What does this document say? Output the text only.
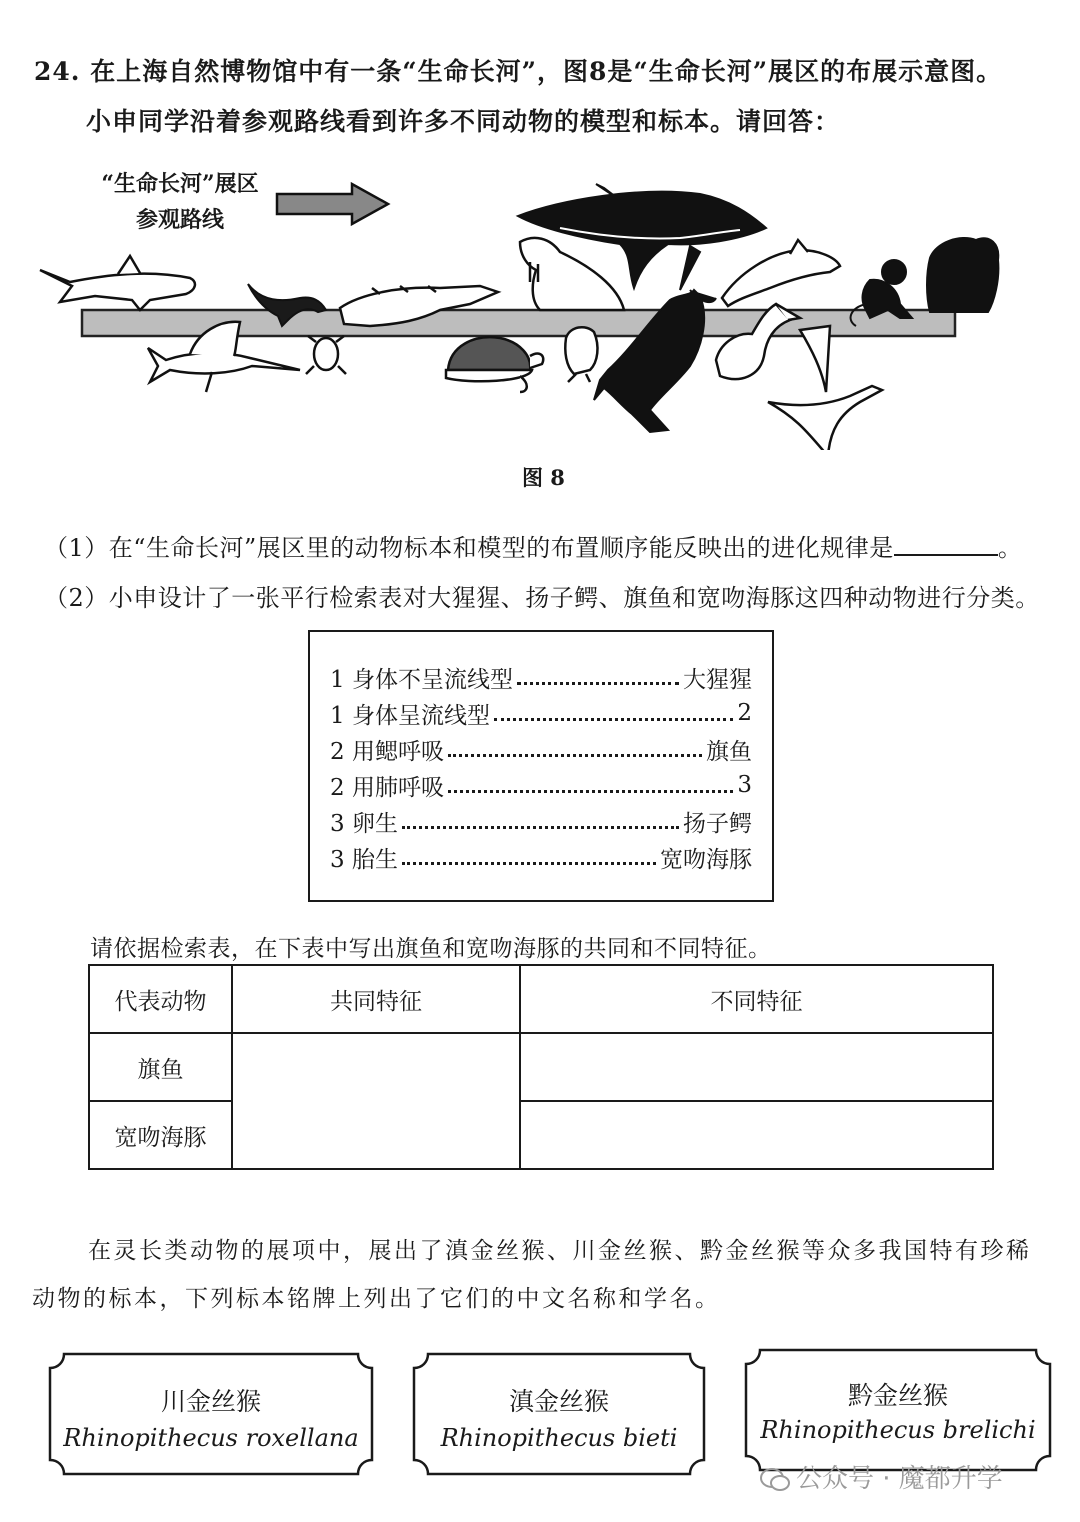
24. 在上海自然博物馆中有一条“生命长河”，图8是“生命长河”展区的布展示意图。
小申同学沿着参观路线看到许多不同动物的模型和标本。请回答：
“生命长河”展区
参观路线
图 8
（1）在“生命长河”展区里的动物标本和模型的布置顺序能反映出的进化规律是	。
（2）小申设计了一张平行检索表对大猩猩、扬子鳄、旗鱼和宽吻海豚这四种动物进行分类。
1 身体不呈流线型	大猩猩
1 身体呈流线型	2
2 用鳃呼吸	旗鱼
2 用肺呼吸	3
3 卵生	扬子鳄
3 胎生	宽吻海豚
请依据检索表，在下表中写出旗鱼和宽吻海豚的共同和不同特征。
代表动物	共同特征	不同特征
旗鱼		
宽吻海豚		
在灵长类动物的展项中，展出了滇金丝猴、川金丝猴、黔金丝猴等众多我国特有珍稀
动物的标本，下列标本铭牌上列出了它们的中文名称和学名。
川金丝猴
Rhinopithecus roxellana
滇金丝猴
Rhinopithecus bieti
黔金丝猴
Rhinopithecus brelichi
公众号 · 魔都升学
